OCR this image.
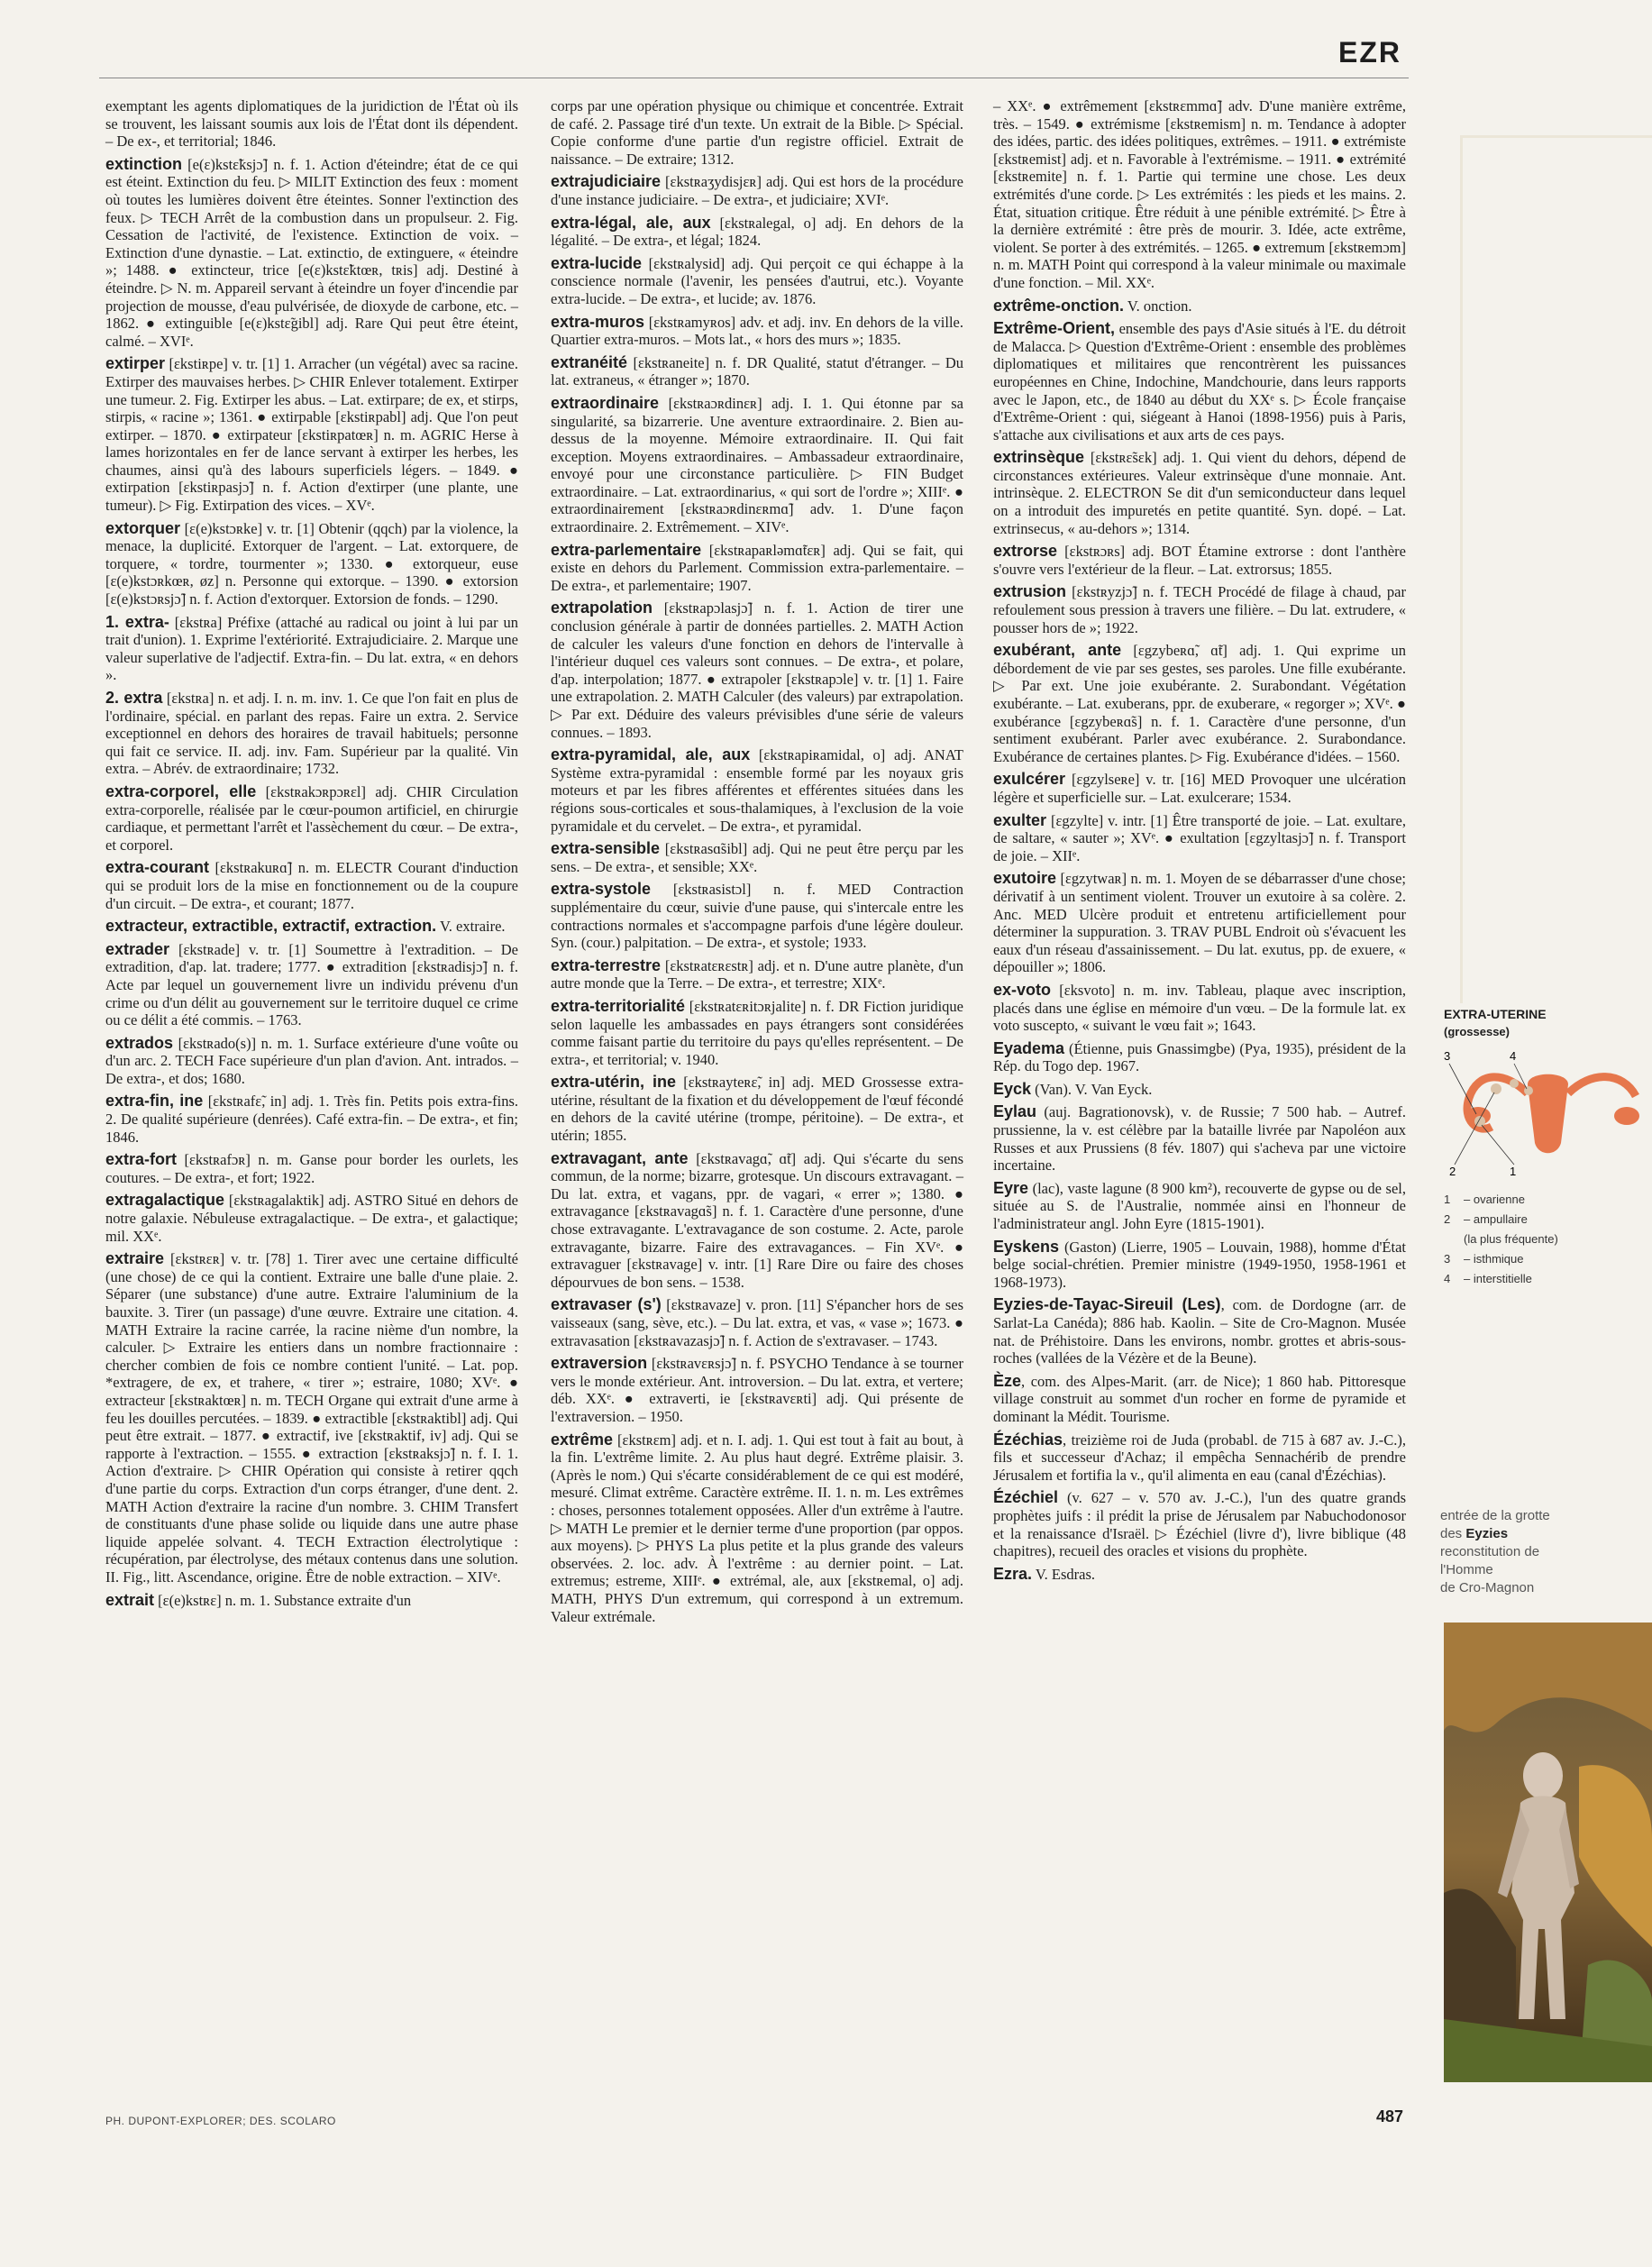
EZR

exemptant les agents diplomatiques de la juridiction de l'État où ils se trouvent, les laissant soumis aux lois de l'État dont ils dépendent. – De ex-, et territorial; 1846.

extinction [e(ɛ)kstɛ̃ksjɔ̃] n. f. 1. Action d'éteindre; état de ce qui est éteint. Extinction du feu. ▷ MILIT Extinction des feux : moment où toutes les lumières doivent être éteintes. Sonner l'extinction des feux. ▷ TECH Arrêt de la combustion dans un propulseur. 2. Fig. Cessation de l'activité, de l'existence. Extinction de voix. – Extinction d'une dynastie. – Lat. extinctio, de extinguere, « éteindre »; 1488. ● extincteur, trice [e(ɛ)kstɛ̃ktœʀ, tʀis] adj. Destiné à éteindre. ▷ N. m. Appareil servant à éteindre un foyer d'incendie par projection de mousse, d'eau pulvérisée, de dioxyde de carbone, etc. – 1862. ● extinguible [e(ɛ)kstɛ̃gibl] adj. Rare Qui peut être éteint, calmé. – XVIᵉ.

extirper [ɛkstiʀpe] v. tr. [1] 1. Arracher (un végétal) avec sa racine. Extirper des mauvaises herbes. ▷ CHIR Enlever totalement. Extirper une tumeur. 2. Fig. Extirper les abus. – Lat. extirpare; de ex, et stirps, stirpis, « racine »; 1361. ● extirpable [ɛkstiʀpabl] adj. Que l'on peut extirper. – 1870. ● extirpateur [ɛkstiʀpatœʀ] n. m. AGRIC Herse à lames horizontales en fer de lance servant à extirper les herbes, les chaumes, ainsi qu'à des labours superficiels légers. – 1849. ● extirpation [ɛkstiʀpasjɔ̃] n. f. Action d'extirper (une plante, une tumeur). ▷ Fig. Extirpation des vices. – XVᵉ.

extorquer [ɛ(e)kstɔʀke] v. tr. [1] Obtenir (qqch) par la violence, la menace, la duplicité. Extorquer de l'argent. – Lat. extorquere, de torquere, « tordre, tourmenter »; 1330. ● extorqueur, euse [ɛ(e)kstɔʀkœʀ, øz] n. Personne qui extorque. – 1390. ● extorsion [ɛ(e)kstɔʀsjɔ̃] n. f. Action d'extorquer. Extorsion de fonds. – 1290.

1. extra- [ɛkstʀa] Préfixe (attaché au radical ou joint à lui par un trait d'union). 1. Exprime l'extériorité. Extrajudiciaire. 2. Marque une valeur superlative de l'adjectif. Extra-fin. – Du lat. extra, « en dehors ».

2. extra [ɛkstʀa] n. et adj. I. n. m. inv. 1. Ce que l'on fait en plus de l'ordinaire, spécial. en parlant des repas. Faire un extra. 2. Service exceptionnel en dehors des horaires de travail habituels; personne qui fait ce service. II. adj. inv. Fam. Supérieur par la qualité. Vin extra. – Abrév. de extraordinaire; 1732.

extra-corporel, elle [ɛkstʀakɔʀpɔʀɛl] adj. CHIR Circulation extra-corporelle, réalisée par le cœur-poumon artificiel, en chirurgie cardiaque, et permettant l'arrêt et l'assèchement du cœur. – De extra-, et corporel.

extra-courant [ɛkstʀakuʀɑ̃] n. m. ELECTR Courant d'induction qui se produit lors de la mise en fonctionnement ou de la coupure d'un circuit. – De extra-, et courant; 1877.

extracteur, extractible, extractif, extraction. V. extraire.

extrader [ɛkstʀade] v. tr. [1] Soumettre à l'extradition. – De extradition, d'ap. lat. tradere; 1777. ● extradition [ɛkstʀadisjɔ̃] n. f. Acte par lequel un gouvernement livre un individu prévenu d'un crime ou d'un délit au gouvernement sur le territoire duquel ce crime ou ce délit a été commis. – 1763.

extrados [ɛkstʀado(s)] n. m. 1. Surface extérieure d'une voûte ou d'un arc. 2. TECH Face supérieure d'un plan d'avion. Ant. intrados. – De extra-, et dos; 1680.

extra-fin, ine [ɛkstʀafɛ̃, in] adj. 1. Très fin. Petits pois extra-fins. 2. De qualité supérieure (denrées). Café extra-fin. – De extra-, et fin; 1846.

extra-fort [ɛkstʀafɔʀ] n. m. Ganse pour border les ourlets, les coutures. – De extra-, et fort; 1922.

extragalactique [ɛkstʀagalaktik] adj. ASTRO Situé en dehors de notre galaxie. Nébuleuse extragalactique. – De extra-, et galactique; mil. XXᵉ.

extraire [ɛkstʀɛʀ] v. tr. [78] 1. Tirer avec une certaine difficulté (une chose) de ce qui la contient. Extraire une balle d'une plaie. 2. Séparer (une substance) d'une autre. Extraire l'aluminium de la bauxite. 3. Tirer (un passage) d'une œuvre. Extraire une citation. 4. MATH Extraire la racine carrée, la racine nième d'un nombre, la calculer. ▷ Extraire les entiers dans un nombre fractionnaire : chercher combien de fois ce nombre contient l'unité. – Lat. pop. *extragere, de ex, et trahere, « tirer »; estraire, 1080; XVᵉ. ● extracteur [ɛkstʀaktœʀ] n. m. TECH Organe qui extrait d'une arme à feu les douilles percutées. – 1839. ● extractible [ɛkstʀaktibl] adj. Qui peut être extrait. – 1877. ● extractif, ive [ɛkstʀaktif, iv] adj. Qui se rapporte à l'extraction. – 1555. ● extraction [ɛkstʀaksjɔ̃] n. f. I. 1. Action d'extraire. ▷ CHIR Opération qui consiste à retirer qqch d'une partie du corps. Extraction d'un corps étranger, d'une dent. 2. MATH Action d'extraire la racine d'un nombre. 3. CHIM Transfert de constituants d'une phase solide ou liquide dans une autre phase liquide appelée solvant. 4. TECH Extraction électrolytique : récupération, par électrolyse, des métaux contenus dans une solution. II. Fig., litt. Ascendance, origine. Être de noble extraction. – XIVᵉ.

extrait [ɛ(e)kstʀɛ] n. m. 1. Substance extraite d'un

corps par une opération physique ou chimique et concentrée. Extrait de café. 2. Passage tiré d'un texte. Un extrait de la Bible. ▷ Spécial. Copie conforme d'une partie d'un registre officiel. Extrait de naissance. – De extraire; 1312.

extrajudiciaire [ɛkstʀaʒydisjɛʀ] adj. Qui est hors de la procédure d'une instance judiciaire. – De extra-, et judiciaire; XVIᵉ.

extra-légal, ale, aux [ɛkstʀalegal, o] adj. En dehors de la légalité. – De extra-, et légal; 1824.

extra-lucide [ɛkstʀalysid] adj. Qui perçoit ce qui échappe à la conscience normale (l'avenir, les pensées d'autrui, etc.). Voyante extra-lucide. – De extra-, et lucide; av. 1876.

extra-muros [ɛkstʀamyʀos] adv. et adj. inv. En dehors de la ville. Quartier extra-muros. – Mots lat., « hors des murs »; 1835.

extranéité [ɛkstʀaneite] n. f. DR Qualité, statut d'étranger. – Du lat. extraneus, « étranger »; 1870.

extraordinaire [ɛkstʀaɔʀdinɛʀ] adj. I. 1. Qui étonne par sa singularité, sa bizarrerie. Une aventure extraordinaire. 2. Bien au-dessus de la moyenne. Mémoire extraordinaire. II. Qui fait exception. Moyens extraordinaires. – Ambassadeur extraordinaire, envoyé pour une circonstance particulière. ▷ FIN Budget extraordinaire. – Lat. extraordinarius, « qui sort de l'ordre »; XIIIᵉ. ● extraordinairement [ɛkstʀaɔʀdinɛʀmɑ̃] adv. 1. D'une façon extraordinaire. 2. Extrêmement. – XIVᵉ.

extra-parlementaire [ɛkstʀapaʀləmɑ̃tɛʀ] adj. Qui se fait, qui existe en dehors du Parlement. Commission extra-parlementaire. – De extra-, et parlementaire; 1907.

extrapolation [ɛkstʀapɔlasjɔ̃] n. f. 1. Action de tirer une conclusion générale à partir de données partielles. 2. MATH Action de calculer les valeurs d'une fonction en dehors de l'intervalle à l'intérieur duquel ces valeurs sont connues. – De extra-, et polare, d'ap. interpolation; 1877. ● extrapoler [ɛkstʀapɔle] v. tr. [1] 1. Faire une extrapolation. 2. MATH Calculer (des valeurs) par extrapolation. ▷ Par ext. Déduire des valeurs prévisibles d'une série de valeurs connues. – 1893.

extra-pyramidal, ale, aux [ɛkstʀapiʀamidal, o] adj. ANAT Système extra-pyramidal : ensemble formé par les noyaux gris moteurs et par les fibres afférentes et efférentes situées dans les régions sous-corticales et sous-thalamiques, à l'exclusion de la voie pyramidale et du cervelet. – De extra-, et pyramidal.

extra-sensible [ɛkstʀasɑ̃sibl] adj. Qui ne peut être perçu par les sens. – De extra-, et sensible; XXᵉ.

extra-systole [ɛkstʀasistɔl] n. f. MED Contraction supplémentaire du cœur, suivie d'une pause, qui s'intercale entre les contractions normales et s'accompagne parfois d'une légère douleur. Syn. (cour.) palpitation. – De extra-, et systole; 1933.

extra-terrestre [ɛkstʀatɛʀɛstʀ] adj. et n. D'une autre planète, d'un autre monde que la Terre. – De extra-, et terrestre; XIXᵉ.

extra-territorialité [ɛkstʀatɛʀitɔʀjalite] n. f. DR Fiction juridique selon laquelle les ambassades en pays étrangers sont considérées comme faisant partie du territoire du pays qu'elles représentent. – De extra-, et territorial; v. 1940.

extra-utérin, ine [ɛkstʀayteʀɛ̃, in] adj. MED Grossesse extra-utérine, résultant de la fixation et du développement de l'œuf fécondé en dehors de la cavité utérine (trompe, péritoine). – De extra-, et utérin; 1855.

extravagant, ante [ɛkstʀavagɑ̃, ɑ̃t] adj. Qui s'écarte du sens commun, de la norme; bizarre, grotesque. Un discours extravagant. – Du lat. extra, et vagans, ppr. de vagari, « errer »; 1380. ● extravagance [ɛkstʀavagɑ̃s] n. f. 1. Caractère d'une personne, d'une chose extravagante. L'extravagance de son costume. 2. Acte, parole extravagante, bizarre. Faire des extravagances. – Fin XVᵉ. ● extravaguer [ɛkstʀavage] v. intr. [1] Rare Dire ou faire des choses dépourvues de bon sens. – 1538.

extravaser (s') [ɛkstʀavaze] v. pron. [11] S'épancher hors de ses vaisseaux (sang, sève, etc.). – Du lat. extra, et vas, « vase »; 1673. ● extravasation [ɛkstʀavazasjɔ̃] n. f. Action de s'extravaser. – 1743.

extraversion [ɛkstʀavɛʀsjɔ̃] n. f. PSYCHO Tendance à se tourner vers le monde extérieur. Ant. introversion. – Du lat. extra, et vertere; déb. XXᵉ. ● extraverti, ie [ɛkstʀavɛʀti] adj. Qui présente de l'extraversion. – 1950.

extrême [ɛkstʀɛm] adj. et n. I. adj. 1. Qui est tout à fait au bout, à la fin. L'extrême limite. 2. Au plus haut degré. Extrême plaisir. 3. (Après le nom.) Qui s'écarte considérablement de ce qui est modéré, mesuré. Climat extrême. Caractère extrême. II. 1. n. m. Les extrêmes : choses, personnes totalement opposées. Aller d'un extrême à l'autre. ▷ MATH Le premier et le dernier terme d'une proportion (par oppos. aux moyens). ▷ PHYS La plus petite et la plus grande des valeurs observées. 2. loc. adv. À l'extrême : au dernier point. – Lat. extremus; estreme, XIIIᵉ. ● extrémal, ale, aux [ɛkstʀemal, o] adj. MATH, PHYS D'un extremum, qui correspond à un extremum. Valeur extrémale.

– XXᵉ. ● extrêmement [ɛkstʀɛmmɑ̃] adv. D'une manière extrême, très. – 1549. ● extrémisme [ɛkstʀemism] n. m. Tendance à adopter des idées, partic. des idées politiques, extrêmes. – 1911. ● extrémiste [ɛkstʀemist] adj. et n. Favorable à l'extrémisme. – 1911. ● extrémité [ɛkstʀemite] n. f. 1. Partie qui termine une chose. Les deux extrémités d'une corde. ▷ Les extrémités : les pieds et les mains. 2. État, situation critique. Être réduit à une pénible extrémité. ▷ Être à la dernière extrémité : être près de mourir. 3. Idée, acte extrême, violent. Se porter à des extrémités. – 1265. ● extremum [ɛkstʀemɔm] n. m. MATH Point qui correspond à la valeur minimale ou maximale d'une fonction. – Mil. XXᵉ.

extrême-onction. V. onction.

Extrême-Orient, ensemble des pays d'Asie situés à l'E. du détroit de Malacca. ▷ Question d'Extrême-Orient : ensemble des problèmes diplomatiques et militaires que rencontrèrent les puissances européennes en Chine, Indochine, Mandchourie, dans leurs rapports avec le Japon, etc., de 1840 au début du XXᵉ s. ▷ École française d'Extrême-Orient : qui, siégeant à Hanoi (1898-1956) puis à Paris, s'attache aux civilisations et aux arts de ces pays.

extrinsèque [ɛkstʀɛ̃sɛk] adj. 1. Qui vient du dehors, dépend de circonstances extérieures. Valeur extrinsèque d'une monnaie. Ant. intrinsèque. 2. ELECTRON Se dit d'un semiconducteur dans lequel on a introduit des impuretés en petite quantité. Syn. dopé. – Lat. extrinsecus, « au-dehors »; 1314.

extrorse [ɛkstʀɔʀs] adj. BOT Étamine extrorse : dont l'anthère s'ouvre vers l'extérieur de la fleur. – Lat. extrorsus; 1855.

extrusion [ɛkstʀyzjɔ̃] n. f. TECH Procédé de filage à chaud, par refoulement sous pression à travers une filière. – Du lat. extrudere, « pousser hors de »; 1922.

exubérant, ante [ɛgzybeʀɑ̃, ɑ̃t] adj. 1. Qui exprime un débordement de vie par ses gestes, ses paroles. Une fille exubérante. ▷ Par ext. Une joie exubérante. 2. Surabondant. Végétation exubérante. – Lat. exuberans, ppr. de exuberare, « regorger »; XVᵉ. ● exubérance [ɛgzybeʀɑ̃s] n. f. 1. Caractère d'une personne, d'un sentiment exubérant. Parler avec exubérance. 2. Surabondance. Exubérance de certaines plantes. ▷ Fig. Exubérance d'idées. – 1560.

exulcérer [ɛgzylseʀe] v. tr. [16] MED Provoquer une ulcération légère et superficielle sur. – Lat. exulcerare; 1534.

exulter [ɛgzylte] v. intr. [1] Être transporté de joie. – Lat. exultare, de saltare, « sauter »; XVᵉ. ● exultation [ɛgzyltasjɔ̃] n. f. Transport de joie. – XIIᵉ.

exutoire [ɛgzytwaʀ] n. m. 1. Moyen de se débarrasser d'une chose; dérivatif à un sentiment violent. Trouver un exutoire à sa colère. 2. Anc. MED Ulcère produit et entretenu artificiellement pour déterminer la suppuration. 3. TRAV PUBL Endroit où s'évacuent les eaux d'un réseau d'assainissement. – Du lat. exutus, pp. de exuere, « dépouiller »; 1806.

ex-voto [ɛksvoto] n. m. inv. Tableau, plaque avec inscription, placés dans une église en mémoire d'un vœu. – De la formule lat. ex voto suscepto, « suivant le vœu fait »; 1643.

Eyadema (Étienne, puis Gnassimgbe) (Pya, 1935), président de la Rép. du Togo dep. 1967.

Eyck (Van). V. Van Eyck.

Eylau (auj. Bagrationovsk), v. de Russie; 7 500 hab. – Autref. prussienne, la v. est célèbre par la bataille livrée par Napoléon aux Russes et aux Prussiens (8 fév. 1807) qui s'acheva par une victoire incertaine.

Eyre (lac), vaste lagune (8 900 km²), recouverte de gypse ou de sel, située au S. de l'Australie, nommée ainsi en l'honneur de l'administrateur angl. John Eyre (1815-1901).

Eyskens (Gaston) (Lierre, 1905 – Louvain, 1988), homme d'État belge social-chrétien. Premier ministre (1949-1950, 1958-1961 et 1968-1973).

Eyzies-de-Tayac-Sireuil (Les), com. de Dordogne (arr. de Sarlat-La Canéda); 886 hab. Kaolin. – Site de Cro-Magnon. Musée nat. de Préhistoire. Dans les environs, nombr. grottes et abris-sous-roches (vallées de la Vézère et de la Beune).

Èze, com. des Alpes-Marit. (arr. de Nice); 1 860 hab. Pittoresque village construit au sommet d'un rocher en forme de pyramide et dominant la Médit. Tourisme.

Ézéchias, treizième roi de Juda (probabl. de 715 à 687 av. J.-C.), fils et successeur d'Achaz; il empêcha Sennachérib de prendre Jérusalem et fortifia la v., qu'il alimenta en eau (canal d'Ézéchias).

Ézéchiel (v. 627 – v. 570 av. J.-C.), l'un des quatre grands prophètes juifs : il prédit la prise de Jérusalem par Nabuchodonosor et la renaissance d'Israël. ▷ Ézéchiel (livre d'), livre biblique (48 chapitres), recueil des oracles et visions du prophète.

Ezra. V. Esdras.

EXTRA-UTERINE
(grossesse)
3	4
2	1
1	– ovarienne
2	– ampullaire
(la plus fréquente)
3	– isthmique
4	– interstitielle
entrée de la grotte
des Eyzies
reconstitution de
l'Homme
de Cro-Magnon
PH. DUPONT-EXPLORER; DES. SCOLARO	487
